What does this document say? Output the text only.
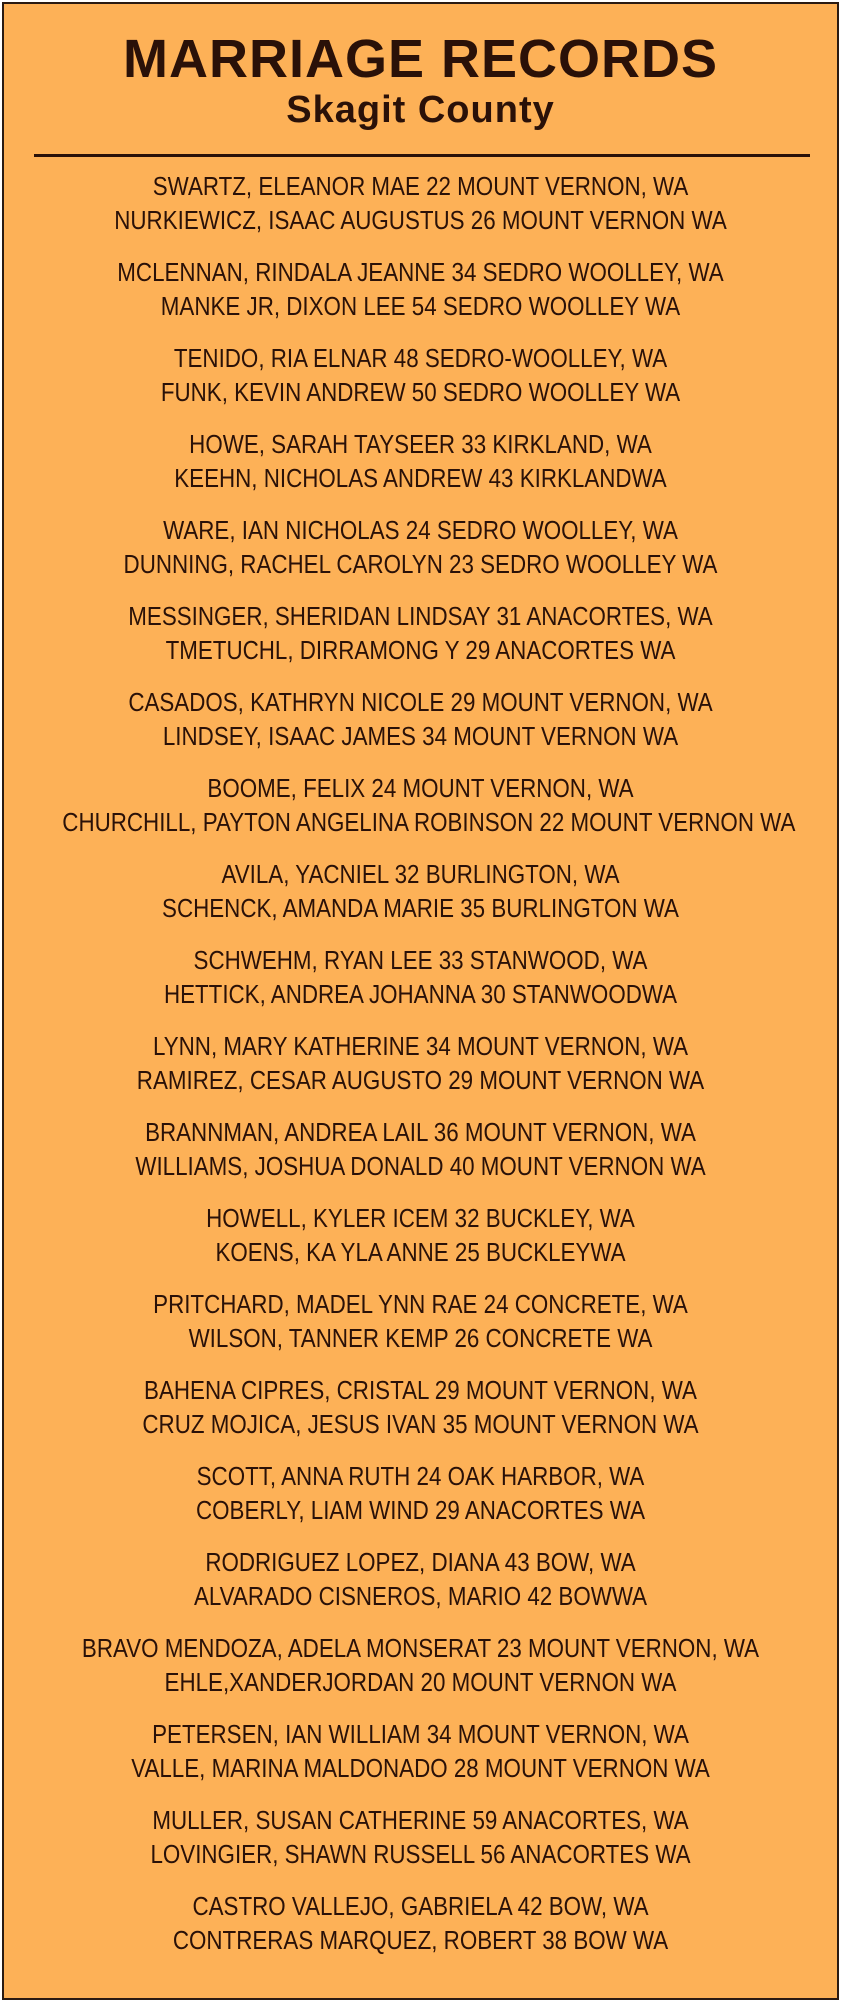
MARRIAGE RECORDS
Skagit County
SWARTZ, ELEANOR MAE 22 MOUNT VERNON, WA
NURKIEWICZ, ISAAC AUGUSTUS 26 MOUNT VERNON WA
MCLENNAN, RINDALA JEANNE 34 SEDRO WOOLLEY, WA
MANKE JR, DIXON LEE 54 SEDRO WOOLLEY WA
TENIDO, RIA ELNAR 48 SEDRO-WOOLLEY, WA
FUNK, KEVIN ANDREW 50 SEDRO WOOLLEY WA
HOWE, SARAH TAYSEER 33 KIRKLAND, WA
KEEHN, NICHOLAS ANDREW 43 KIRKLANDWA
WARE, IAN NICHOLAS 24 SEDRO WOOLLEY, WA
DUNNING, RACHEL CAROLYN 23 SEDRO WOOLLEY WA
MESSINGER, SHERIDAN LINDSAY 31 ANACORTES, WA
TMETUCHL, DIRRAMONG Y 29 ANACORTES WA
CASADOS, KATHRYN NICOLE 29 MOUNT VERNON, WA
LINDSEY, ISAAC JAMES 34 MOUNT VERNON WA
BOOME, FELIX 24 MOUNT VERNON, WA
CHURCHILL, PAYTON ANGELINA ROBINSON 22 MOUNT VERNON WA
AVILA, YACNIEL 32 BURLINGTON, WA
SCHENCK, AMANDA MARIE 35 BURLINGTON WA
SCHWEHM, RYAN LEE 33 STANWOOD, WA
HETTICK, ANDREA JOHANNA 30 STANWOODWA
LYNN, MARY KATHERINE 34 MOUNT VERNON, WA
RAMIREZ, CESAR AUGUSTO 29 MOUNT VERNON WA
BRANNMAN, ANDREA LAIL 36 MOUNT VERNON, WA
WILLIAMS, JOSHUA DONALD 40 MOUNT VERNON WA
HOWELL, KYLER ICEM 32 BUCKLEY, WA
KOENS, KA YLA ANNE 25 BUCKLEYWA
PRITCHARD, MADEL YNN RAE 24 CONCRETE, WA
WILSON, TANNER KEMP 26 CONCRETE WA
BAHENA CIPRES, CRISTAL 29 MOUNT VERNON, WA
CRUZ MOJICA, JESUS IVAN 35 MOUNT VERNON WA
SCOTT, ANNA RUTH 24 OAK HARBOR, WA
COBERLY, LIAM WIND 29 ANACORTES WA
RODRIGUEZ LOPEZ, DIANA 43 BOW, WA
ALVARADO CISNEROS, MARIO 42 BOWWA
BRAVO MENDOZA, ADELA MONSERAT 23 MOUNT VERNON, WA
EHLE,XANDERJORDAN 20 MOUNT VERNON WA
PETERSEN, IAN WILLIAM 34 MOUNT VERNON, WA
VALLE, MARINA MALDONADO 28 MOUNT VERNON WA
MULLER, SUSAN CATHERINE 59 ANACORTES, WA
LOVINGIER, SHAWN RUSSELL 56 ANACORTES WA
CASTRO VALLEJO, GABRIELA 42 BOW, WA
CONTRERAS MARQUEZ, ROBERT 38 BOW WA
